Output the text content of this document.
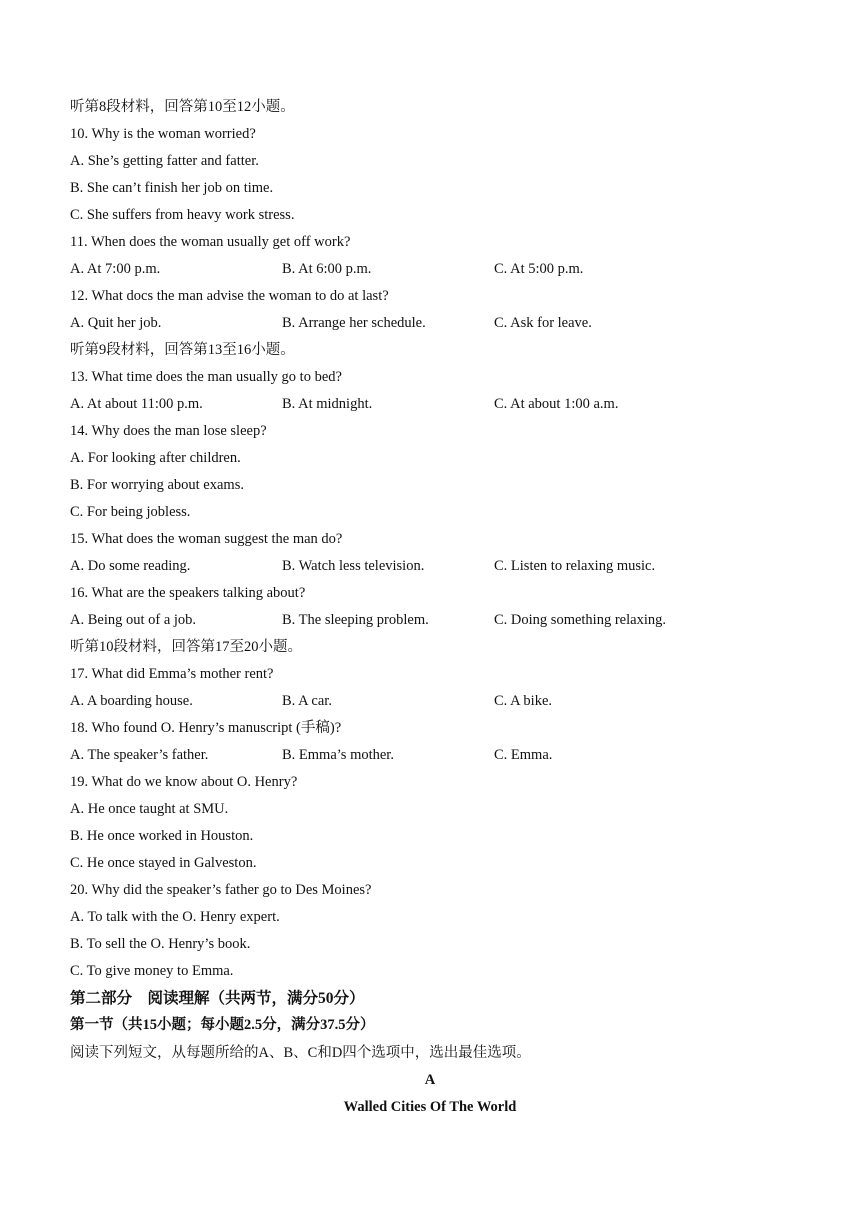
听第8段材料，回答第10至12小题。
10. Why is the woman worried?
A. She’s getting fatter and fatter.
B. She can’t finish her job on time.
C. She suffers from heavy work stress.
11. When does the woman usually get off work?
A. At 7:00 p.m.	B. At 6:00 p.m.	C. At 5:00 p.m.
12. What docs the man advise the woman to do at last?
A. Quit her job.	B. Arrange her schedule.	C. Ask for leave.
听第9段材料，回答第13至16小题。
13. What time does the man usually go to bed?
A. At about 11:00 p.m.	B. At midnight.	C. At about 1:00 a.m.
14. Why does the man lose sleep?
A. For looking after children.
B. For worrying about exams.
C. For being jobless.
15. What does the woman suggest the man do?
A. Do some reading.	B. Watch less television.	C. Listen to relaxing music.
16. What are the speakers talking about?
A. Being out of a job.	B. The sleeping problem.	C. Doing something relaxing.
听第10段材料，回答第17至20小题。
17. What did Emma’s mother rent?
A. A boarding house.	B. A car.	C. A bike.
18. Who found O. Henry’s manuscript (手稿)?
A. The speaker’s father.	B. Emma’s mother.	C. Emma.
19. What do we know about O. Henry?
A. He once taught at SMU.
B. He once worked in Houston.
C. He once stayed in Galveston.
20. Why did the speaker’s father go to Des Moines?
A. To talk with the O. Henry expert.
B. To sell the O. Henry’s book.
C. To give money to Emma.
第二部分　阅读理解（共两节，满分50分）
第一节（共15小题；每小题2.5分，满分37.5分）
阅读下列短文，从每题所给的A、B、C和D四个选项中，选出最佳选项。
A
Walled Cities Of The World
